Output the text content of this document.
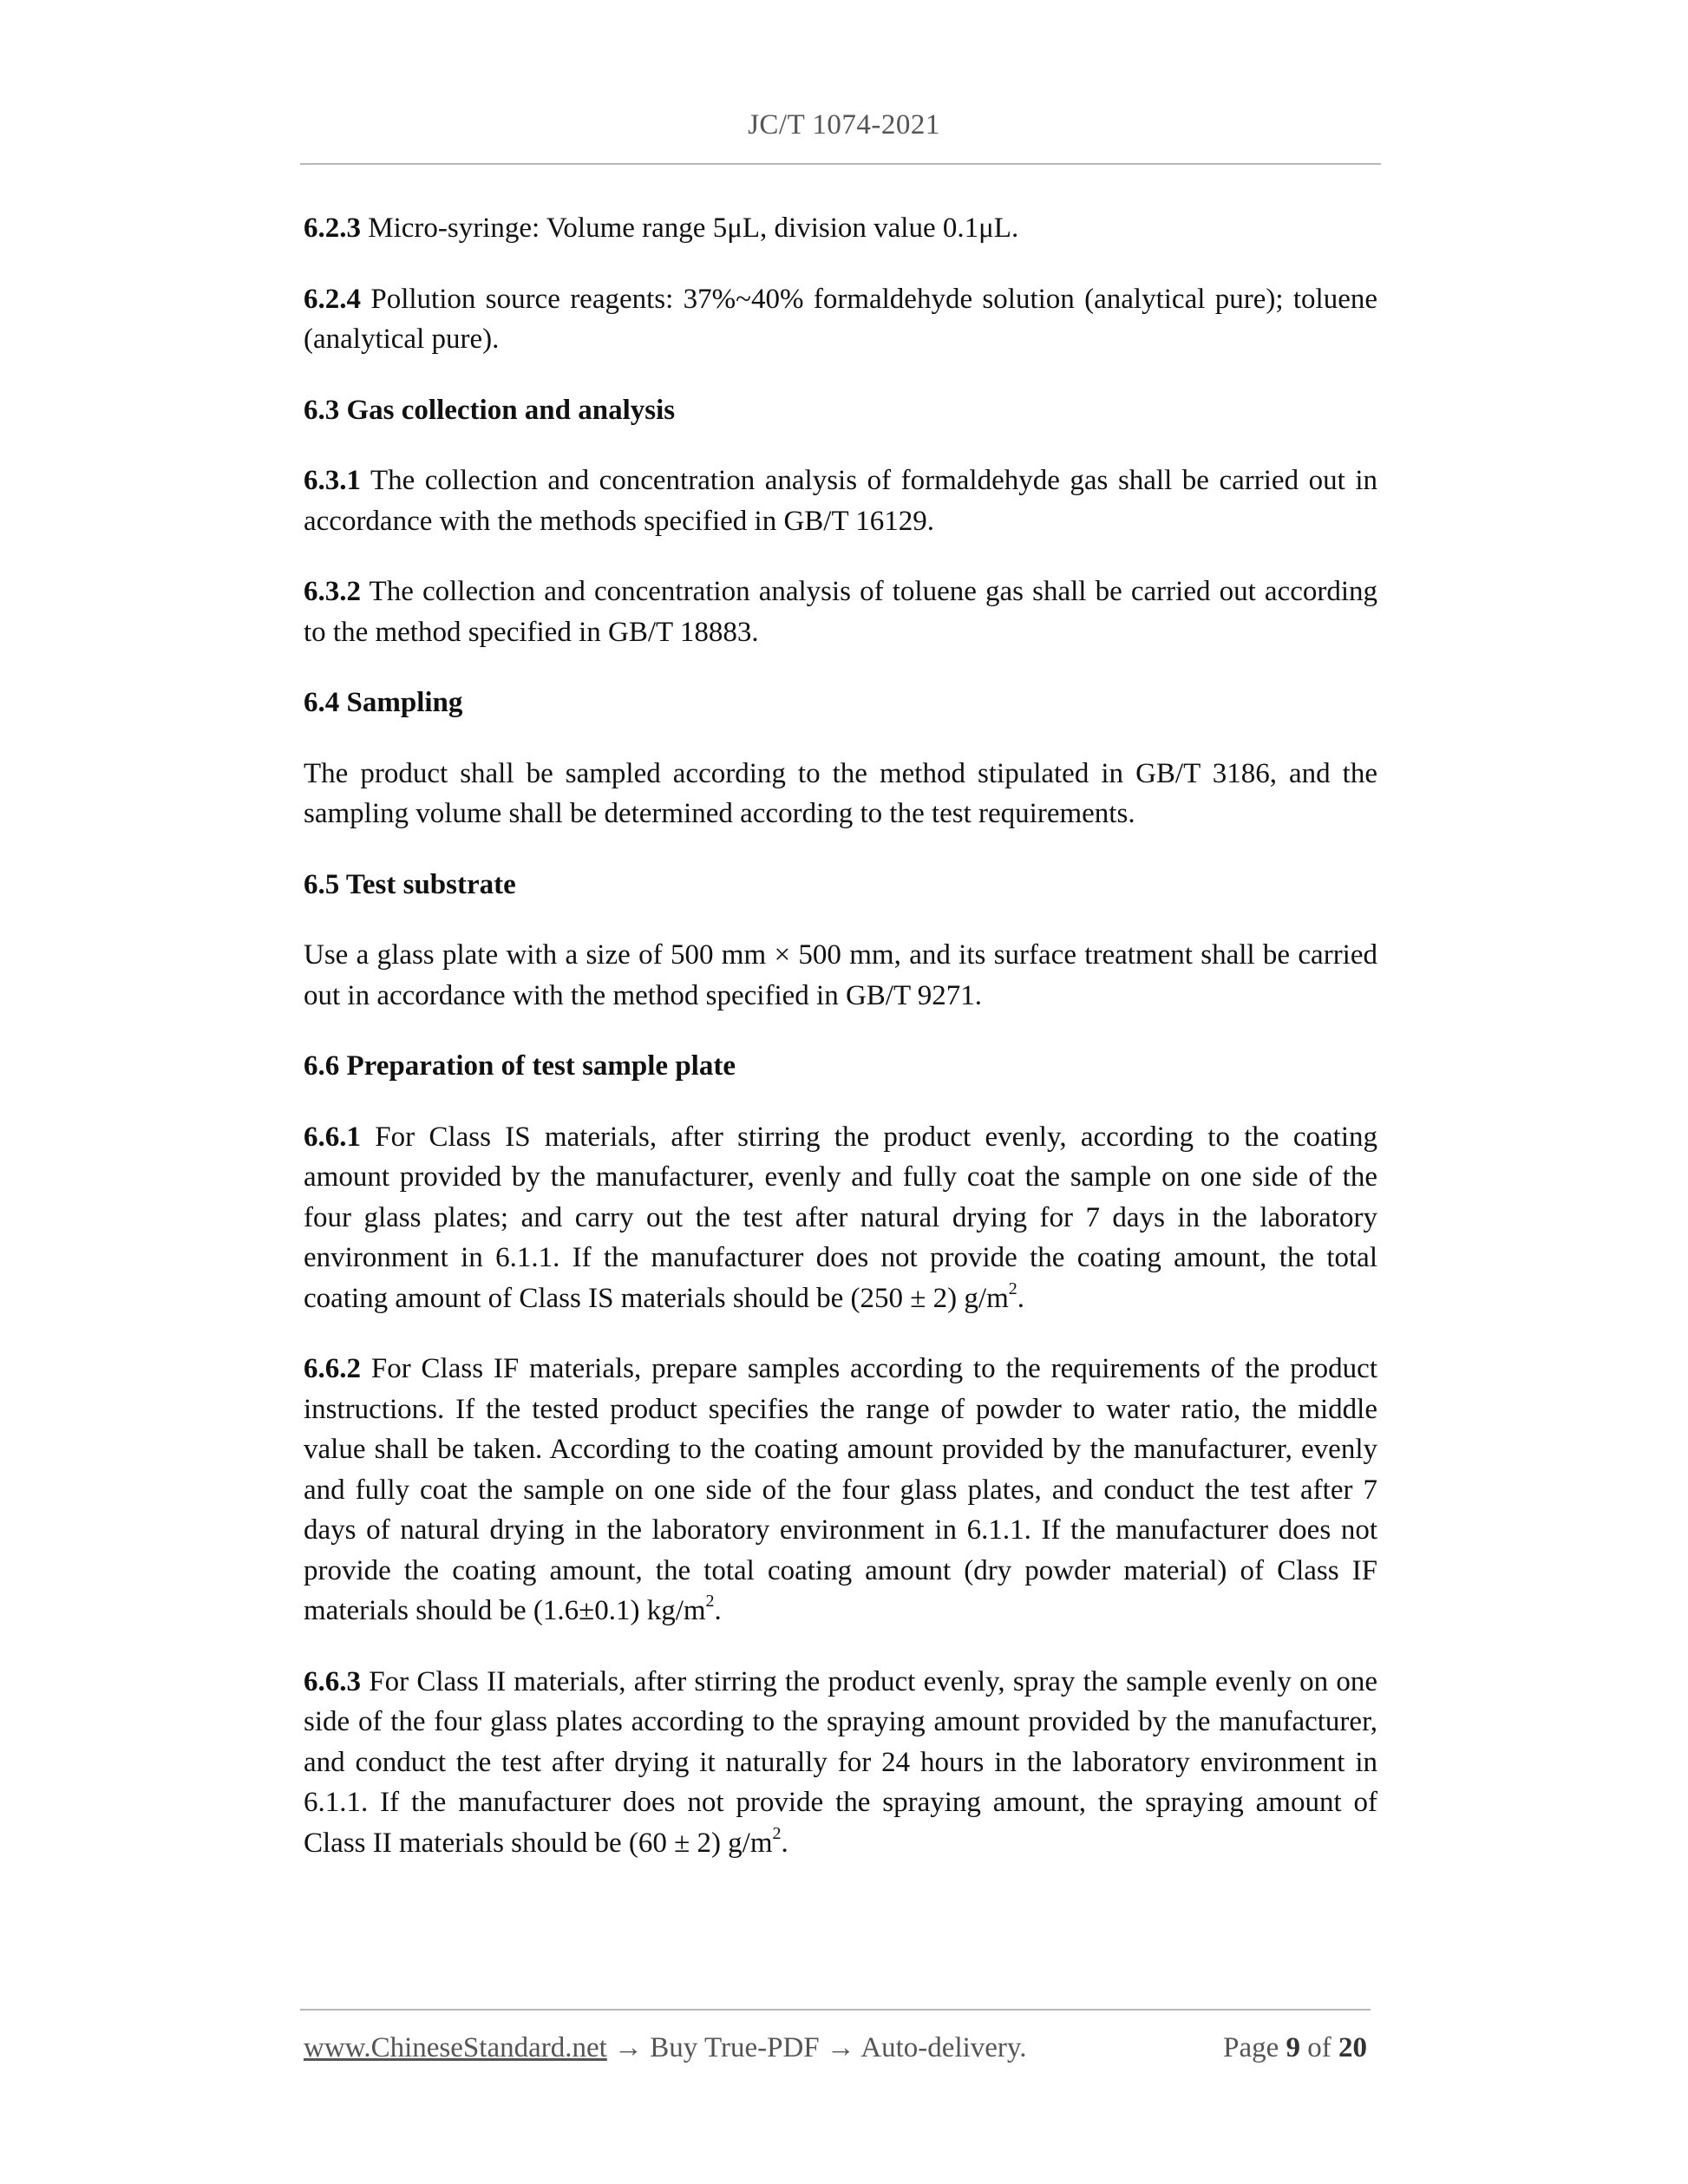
JC/T 1074-2021

6.2.3 Micro-syringe: Volume range 5μL, division value 0.1μL.

6.2.4 Pollution source reagents: 37%~40% formaldehyde solution (analytical pure); toluene (analytical pure).

6.3 Gas collection and analysis

6.3.1 The collection and concentration analysis of formaldehyde gas shall be carried out in accordance with the methods specified in GB/T 16129.

6.3.2 The collection and concentration analysis of toluene gas shall be carried out according to the method specified in GB/T 18883.

6.4 Sampling

The product shall be sampled according to the method stipulated in GB/T 3186, and the sampling volume shall be determined according to the test requirements.

6.5 Test substrate

Use a glass plate with a size of 500 mm × 500 mm, and its surface treatment shall be carried out in accordance with the method specified in GB/T 9271.

6.6 Preparation of test sample plate

6.6.1 For Class IS materials, after stirring the product evenly, according to the coating amount provided by the manufacturer, evenly and fully coat the sample on one side of the four glass plates; and carry out the test after natural drying for 7 days in the laboratory environment in 6.1.1. If the manufacturer does not provide the coating amount, the total coating amount of Class IS materials should be (250 ± 2) $g/m^2$.

6.6.2 For Class IF materials, prepare samples according to the requirements of the product instructions. If the tested product specifies the range of powder to water ratio, the middle value shall be taken. According to the coating amount provided by the manufacturer, evenly and fully coat the sample on one side of the four glass plates, and conduct the test after 7 days of natural drying in the laboratory environment in 6.1.1. If the manufacturer does not provide the coating amount, the total coating amount (dry powder material) of Class IF materials should be (1.6±0.1) $kg/m^2$.

6.6.3 For Class II materials, after stirring the product evenly, spray the sample evenly on one side of the four glass plates according to the spraying amount provided by the manufacturer, and conduct the test after drying it naturally for 24 hours in the laboratory environment in 6.1.1. If the manufacturer does not provide the spraying amount, the spraying amount of Class II materials should be (60 ± 2) $g/m^2$.

www.ChineseStandard.net → Buy True-PDF → Auto-delivery.	Page 9 of 20
